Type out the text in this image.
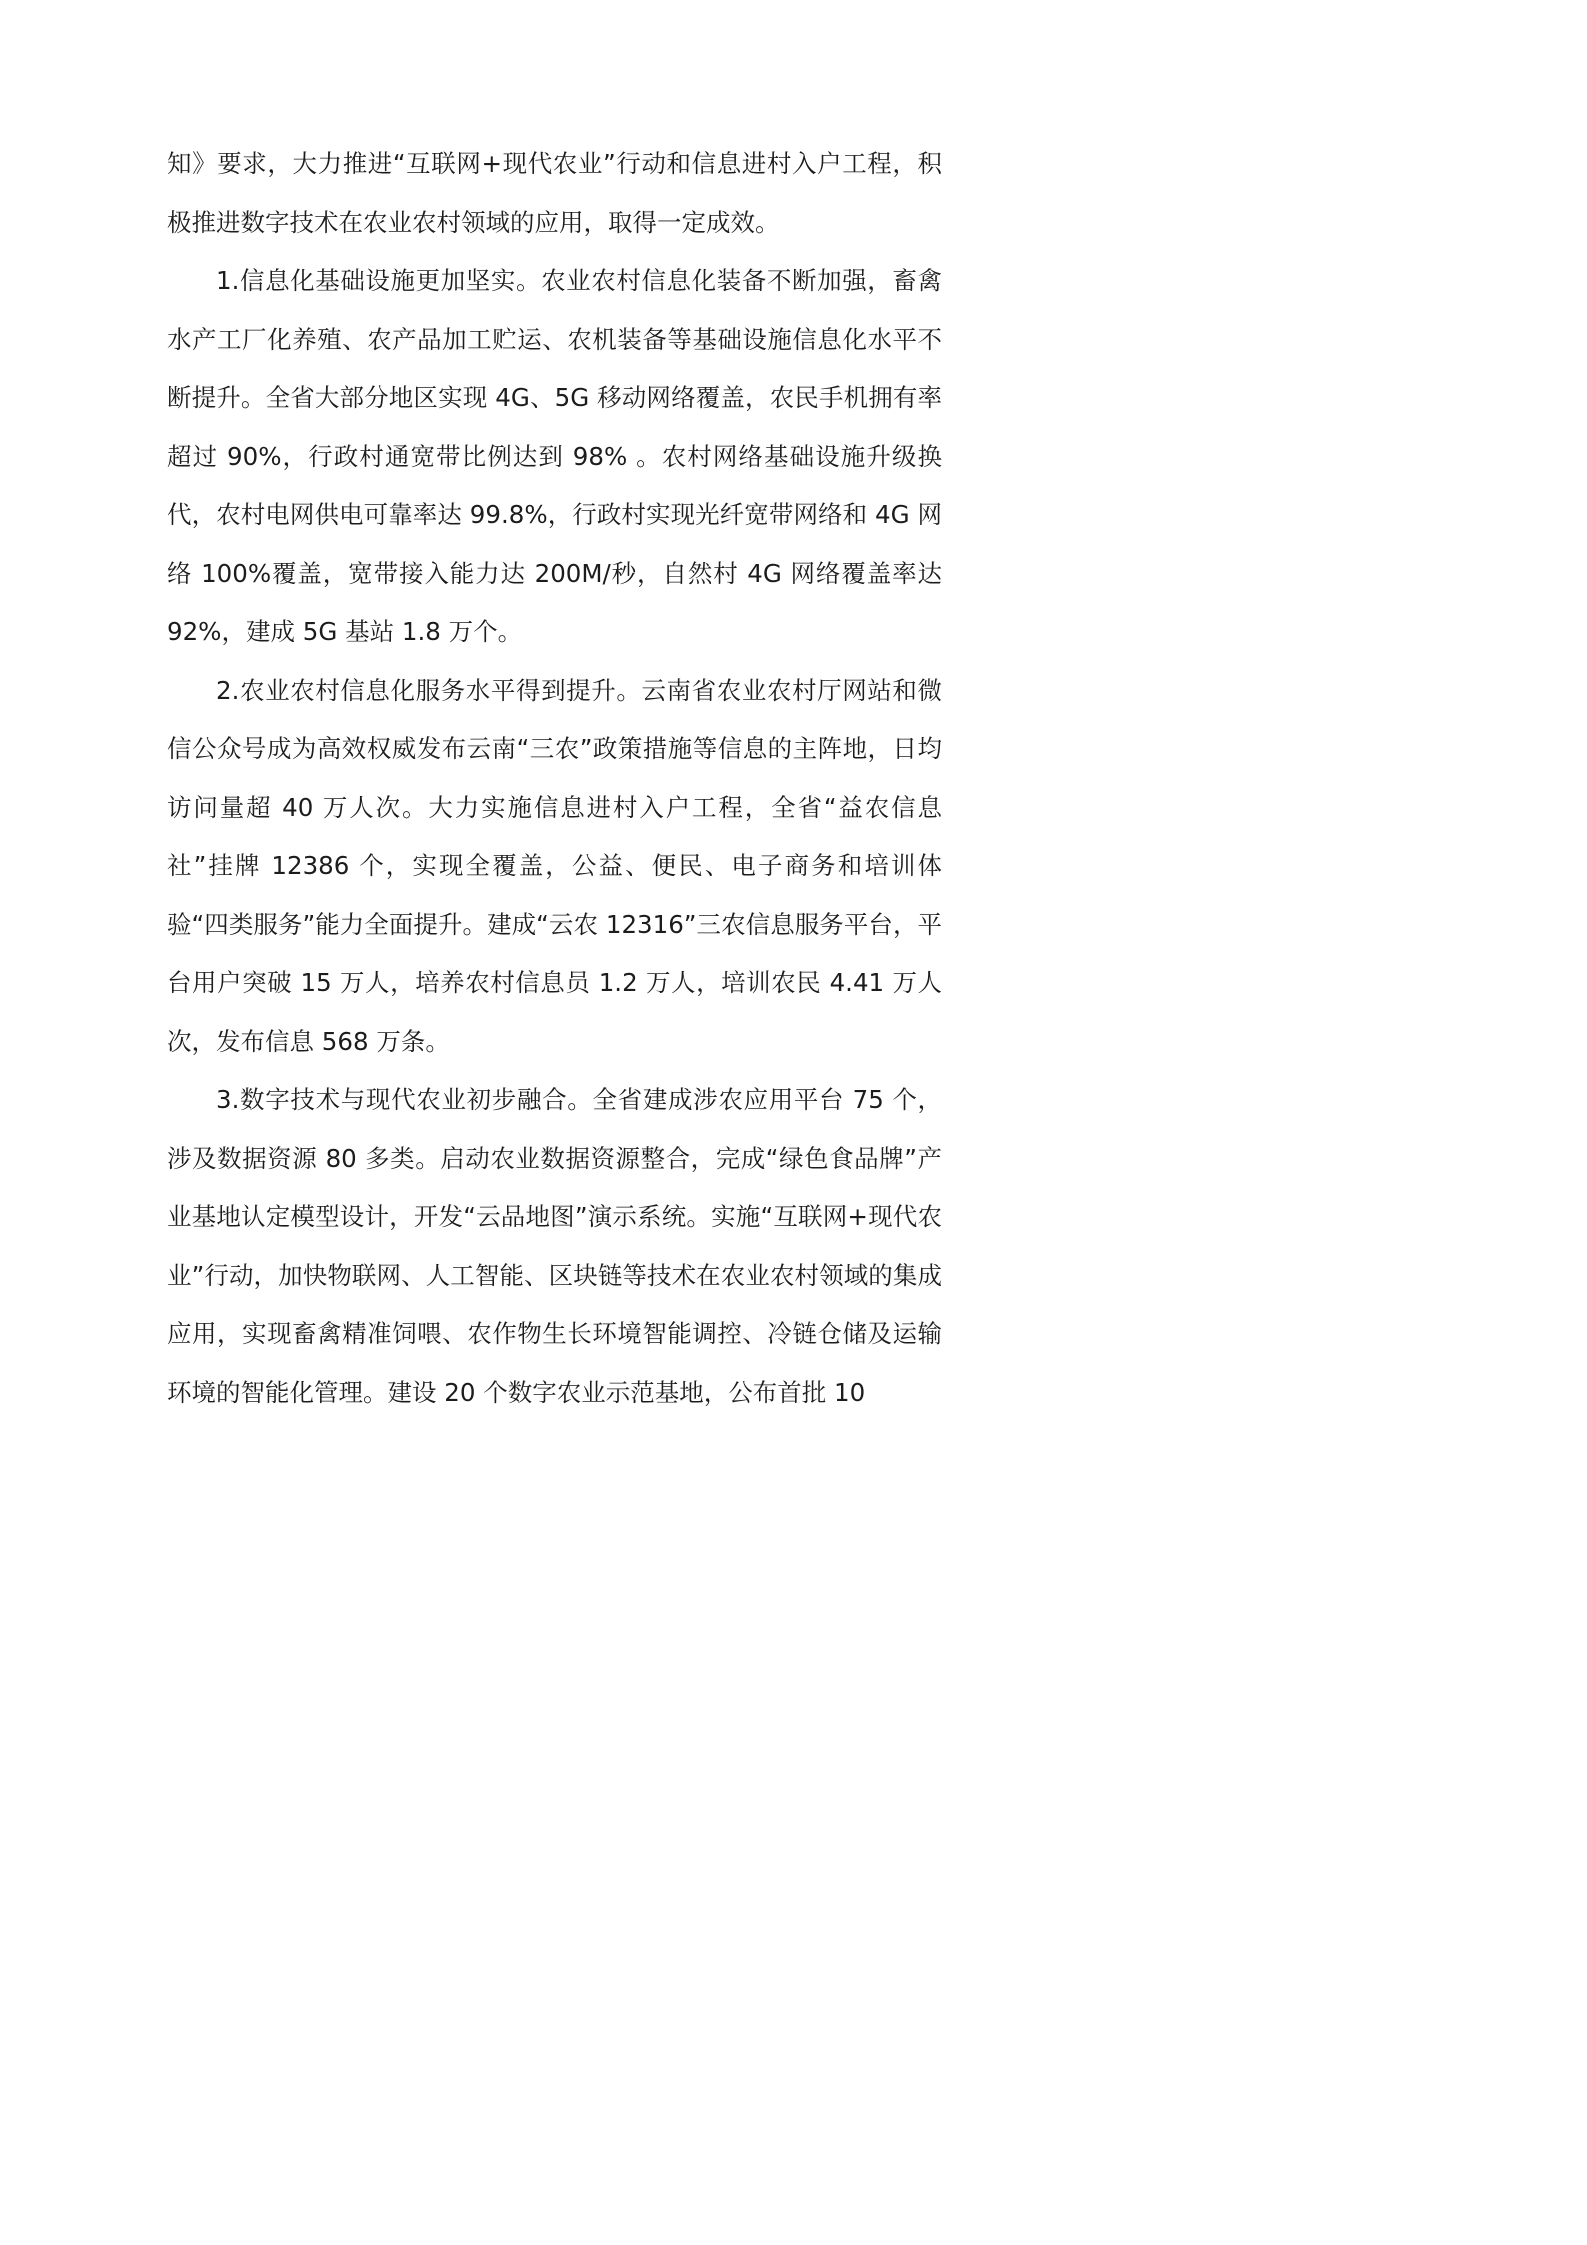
知》要求，大力推进“互联网+现代农业”行动和信息进村入户工程，积极推进数字技术在农业农村领域的应用，取得一定成效。

1.信息化基础设施更加坚实。农业农村信息化装备不断加强，畜禽水产工厂化养殖、农产品加工贮运、农机装备等基础设施信息化水平不断提升。全省大部分地区实现 4G、5G 移动网络覆盖，农民手机拥有率超过 90%，行政村通宽带比例达到 98% 。农村网络基础设施升级换代，农村电网供电可靠率达 99.8%，行政村实现光纤宽带网络和 4G 网络 100%覆盖，宽带接入能力达 200M/秒，自然村 4G 网络覆盖率达 92%，建成 5G 基站 1.8 万个。

2.农业农村信息化服务水平得到提升。云南省农业农村厅网站和微信公众号成为高效权威发布云南“三农”政策措施等信息的主阵地，日均访问量超 40 万人次。大力实施信息进村入户工程，全省“益农信息社”挂牌 12386 个，实现全覆盖，公益、便民、电子商务和培训体验“四类服务”能力全面提升。建成“云农 12316”三农信息服务平台，平台用户突破 15 万人，培养农村信息员 1.2 万人，培训农民 4.41 万人次，发布信息 568 万条。

3.数字技术与现代农业初步融合。全省建成涉农应用平台 75 个，涉及数据资源 80 多类。启动农业数据资源整合，完成“绿色食品牌”产业基地认定模型设计，开发“云品地图”演示系统。实施“互联网+现代农业”行动，加快物联网、人工智能、区块链等技术在农业农村领域的集成应用，实现畜禽精准饲喂、农作物生长环境智能调控、冷链仓储及运输环境的智能化管理。建设 20 个数字农业示范基地，公布首批 10
